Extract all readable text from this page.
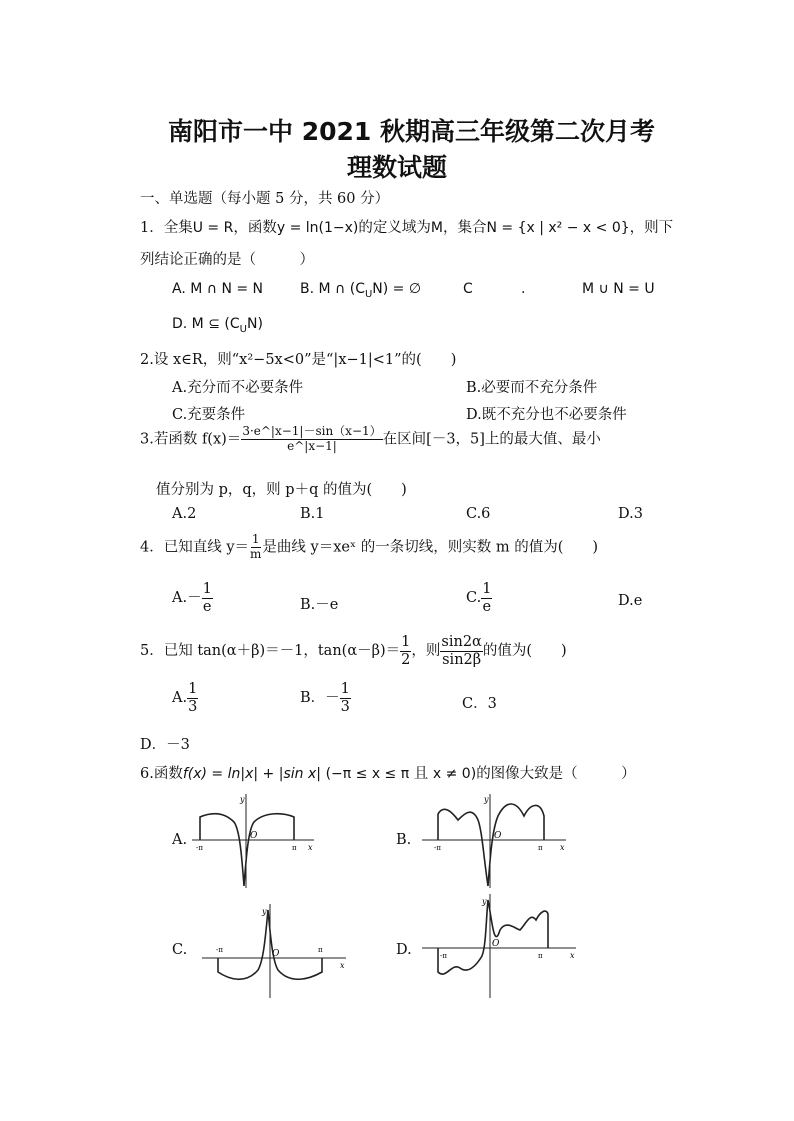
南阳市一中 2021 秋期高三年级第二次月考
理数试题
一、单选题（每小题 5 分，共 60 分）
1．全集U = R，函数y = ln(1−x)的定义域为M，集合N = {x | x² − x < 0}，则下
列结论正确的是（　　　）
A. M ∩ N = N	B. M ∩ $(C_UN)$ = ∅	C	.	M ∪ N = U
D. M ⊆ $(C_UN)$
2.设 x∈R，则“x²−5x<0”是“|x−1|<1”的(　　)
A.充分而不必要条件	B.必要而不充分条件
C.充要条件	D.既不充分也不必要条件
3.若函数 $f(x)= \frac{3\cdot e\^{}|x-1|-\sin(x-1)}{e\^{}|x-1|}$ 在区间[－3，5]上的最大值、最小
值分别为 p，q，则 p＋q 的值为(　　)
A.2	B.1	C.6	D.3
4．已知直线 $y= \frac{1}{m}$ 是曲线 y＝xeˣ 的一条切线，则实数 m 的值为(　　)
$A.- \frac{1}{e}$	B.－e	C. $\frac{1}{e}$	D.e
5．已知 tan(α＋β)＝－1，$\tan(\alpha-\beta)= \frac{1}{2}$ ，则 $\frac{\sin 2\alpha}{\sin 2\beta}$ 的值为(　　)
A. $\frac{1}{3}$	B．－ $\frac{1}{3}$	C．3
D．－3
6.函数f(x) = ln|x| + |sin x| (−π ≤ x ≤ π 且 x ≠ 0)的图像大致是（　　　）
A.	B.
C.	D.
-π	π
O
x
y
-π	π
O
x
y
-π	π
O
x
y
-π	π
O
x
y
